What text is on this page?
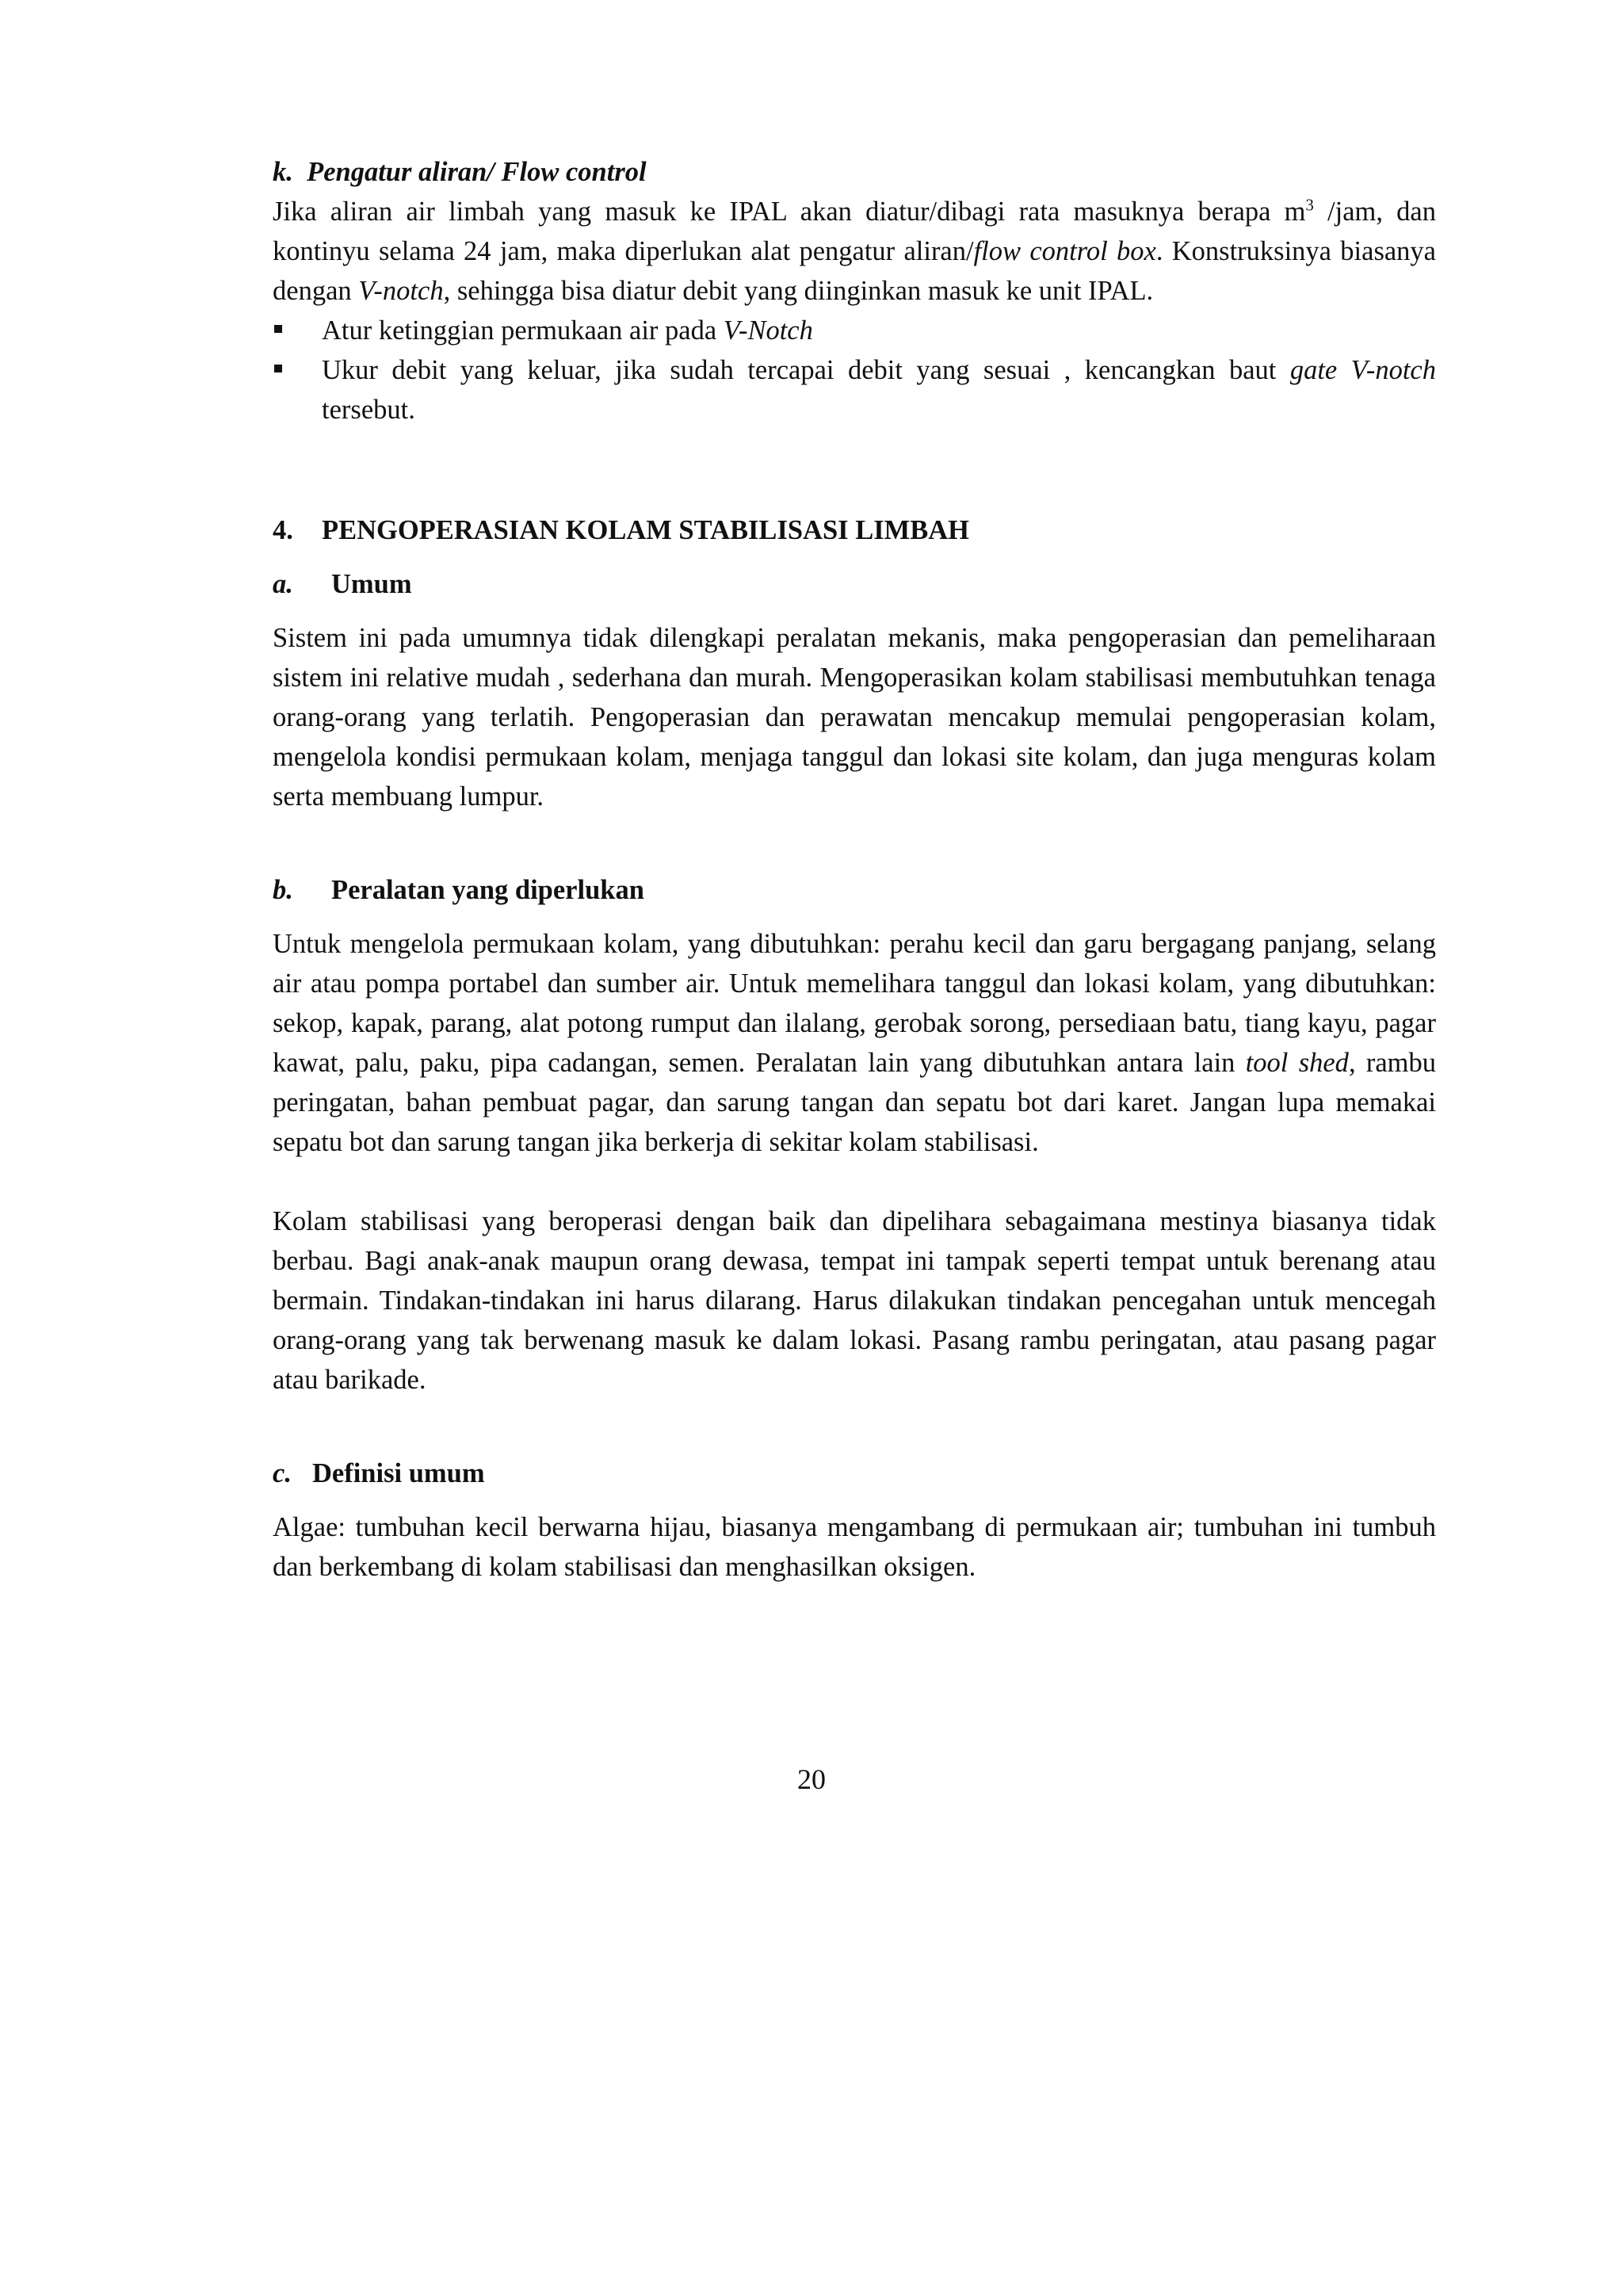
k. Pengatur aliran/ Flow control

Jika aliran air limbah yang masuk ke IPAL akan diatur/dibagi rata masuknya berapa $m^3$ /jam, dan kontinyu selama 24 jam, maka diperlukan alat pengatur aliran/flow control box. Konstruksinya biasanya dengan V-notch, sehingga bisa diatur debit yang diinginkan masuk ke unit IPAL.

Atur ketinggian permukaan air pada V-Notch
Ukur debit yang keluar, jika sudah tercapai debit yang sesuai , kencangkan baut gate V-notch tersebut.

4. PENGOPERASIAN KOLAM STABILISASI LIMBAH

a. Umum

Sistem ini pada umumnya tidak dilengkapi peralatan mekanis, maka pengoperasian dan pemeliharaan sistem ini relative mudah , sederhana dan murah. Mengoperasikan kolam stabilisasi membutuhkan tenaga orang-orang yang terlatih. Pengoperasian dan perawatan mencakup memulai pengoperasian kolam, mengelola kondisi permukaan kolam, menjaga tanggul dan lokasi site kolam, dan juga menguras kolam serta membuang lumpur.

b. Peralatan yang diperlukan

Untuk mengelola permukaan kolam, yang dibutuhkan: perahu kecil dan garu bergagang panjang, selang air atau pompa portabel dan sumber air. Untuk memelihara tanggul dan lokasi kolam, yang dibutuhkan: sekop, kapak, parang, alat potong rumput dan ilalang, gerobak sorong, persediaan batu, tiang kayu, pagar kawat, palu, paku, pipa cadangan, semen. Peralatan lain yang dibutuhkan antara lain tool shed, rambu peringatan, bahan pembuat pagar, dan sarung tangan dan sepatu bot dari karet. Jangan lupa memakai sepatu bot dan sarung tangan jika berkerja di sekitar kolam stabilisasi.

Kolam stabilisasi yang beroperasi dengan baik dan dipelihara sebagaimana mestinya biasanya tidak berbau. Bagi anak-anak maupun orang dewasa, tempat ini tampak seperti tempat untuk berenang atau bermain. Tindakan-tindakan ini harus dilarang. Harus dilakukan tindakan pencegahan untuk mencegah orang-orang yang tak berwenang masuk ke dalam lokasi. Pasang rambu peringatan, atau pasang pagar atau barikade.

c. Definisi umum

Algae: tumbuhan kecil berwarna hijau, biasanya mengambang di permukaan air; tumbuhan ini tumbuh dan berkembang di kolam stabilisasi dan menghasilkan oksigen.

20
